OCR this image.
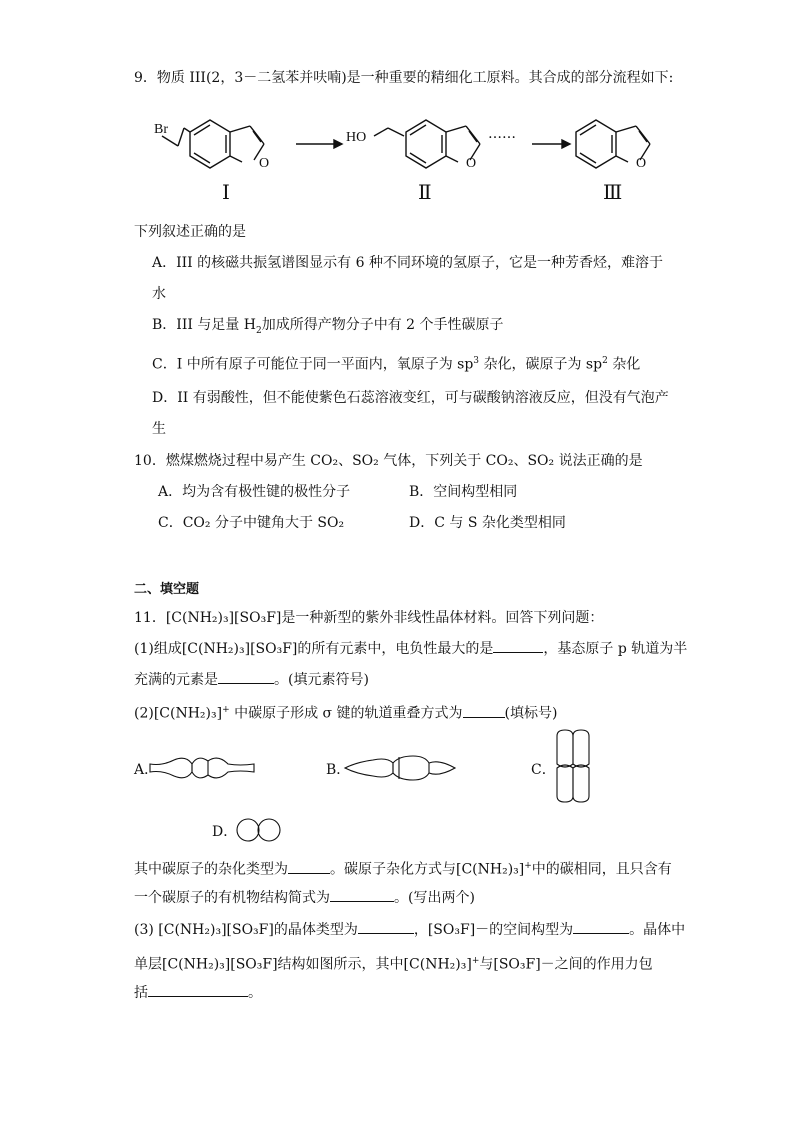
9．物质 III(2，3－二氢苯并呋喃)是一种重要的精细化工原料。其合成的部分流程如下:
Br
O
HO
O
……
O
Ⅰ	Ⅱ	Ⅲ
下列叙述正确的是
A．III 的核磁共振氢谱图显示有 6 种不同环境的氢原子，它是一种芳香烃，难溶于
水
B．III 与足量 $H_2$加成所得产物分子中有 2 个手性碳原子
C．I 中所有原子可能位于同一平面内，氧原子为 $sp^3$ 杂化，碳原子为 $sp^2$ 杂化
D．II 有弱酸性，但不能使紫色石蕊溶液变红，可与碳酸钠溶液反应，但没有气泡产
生
10．燃煤燃烧过程中易产生 CO₂、SO₂ 气体，下列关于 CO₂、SO₂ 说法正确的是
A．均为含有极性键的极性分子	B．空间构型相同
C．CO₂ 分子中键角大于 SO₂	D．C 与 S 杂化类型相同
二、填空题
11．[C(NH₂)₃][SO₃F]是一种新型的紫外非线性晶体材料。回答下列问题：
(1)组成[C(NH₂)₃][SO₃F]的所有元素中，电负性最大的是	，基态原子 p 轨道为半
充满的元素是	。(填元素符号)
(2)[C(NH₂)₃]+ 中碳原子形成 σ 键的轨道重叠方式为	(填标号)
A．	B．	C．
D．
其中碳原子的杂化类型为	。碳原子杂化方式与[C(NH₂)₃]+中的碳相同，且只含有
一个碳原子的有机物结构简式为	。(写出两个)
(3) [C(NH₂)₃][SO₃F]的晶体类型为	，[SO₃F]－的空间构型为	。晶体中
单层[C(NH₂)₃][SO₃F]结构如图所示，其中[C(NH₂)₃]+与[SO₃F]－之间的作用力包
括	。
